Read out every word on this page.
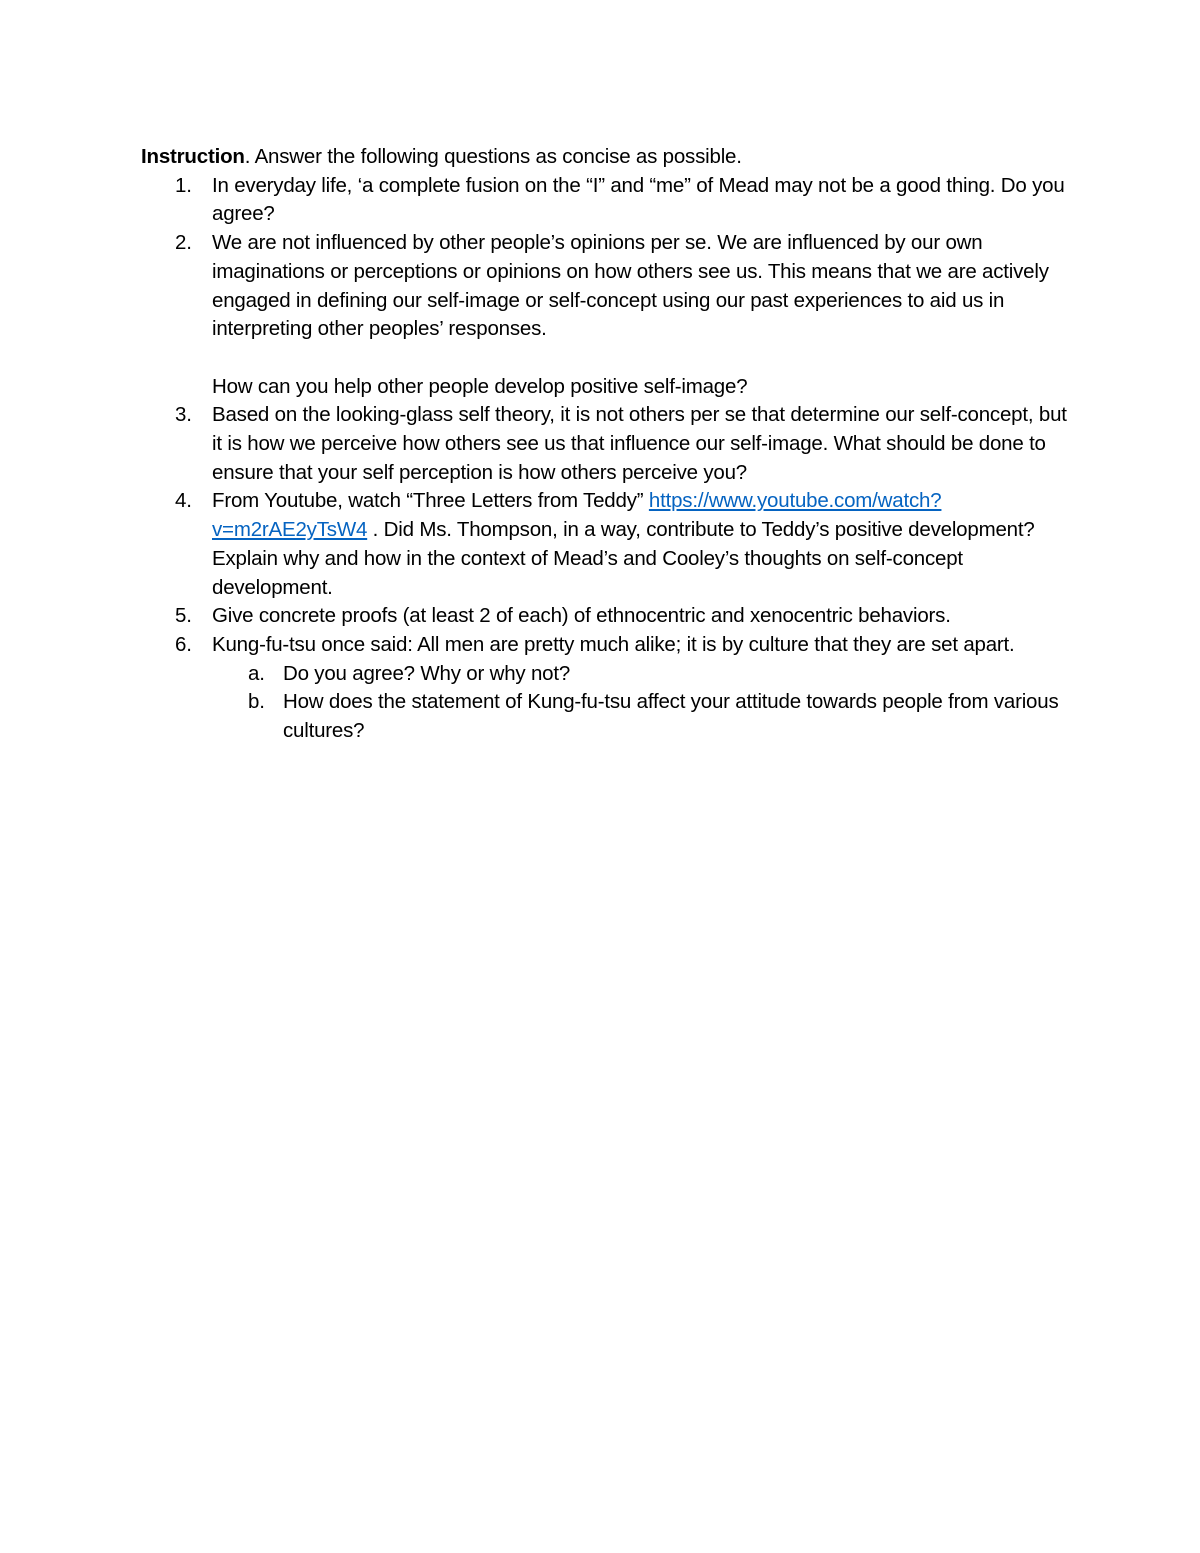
Instruction. Answer the following questions as concise as possible.

1. In everyday life, ‘a complete fusion on the “I” and “me” of Mead may not be a good thing. Do you agree?
2. We are not influenced by other people’s opinions per se. We are influenced by our own imaginations or perceptions or opinions on how others see us. This means that we are actively engaged in defining our self-image or self-concept using our past experiences to aid us in interpreting other peoples’ responses.
How can you help other people develop positive self-image?
3. Based on the looking-glass self theory, it is not others per se that determine our self-concept, but it is how we perceive how others see us that influence our self-image. What should be done to ensure that your self perception is how others perceive you?
4. From Youtube, watch “Three Letters from Teddy” https://www.youtube.com/watch?v=m2rAE2yTsW4 . Did Ms. Thompson, in a way, contribute to Teddy’s positive development? Explain why and how in the context of Mead’s and Cooley’s thoughts on self-concept development.
5. Give concrete proofs (at least 2 of each) of ethnocentric and xenocentric behaviors.
6. Kung-fu-tsu once said: All men are pretty much alike; it is by culture that they are set apart.
a. Do you agree? Why or why not?
b. How does the statement of Kung-fu-tsu affect your attitude towards people from various cultures?
